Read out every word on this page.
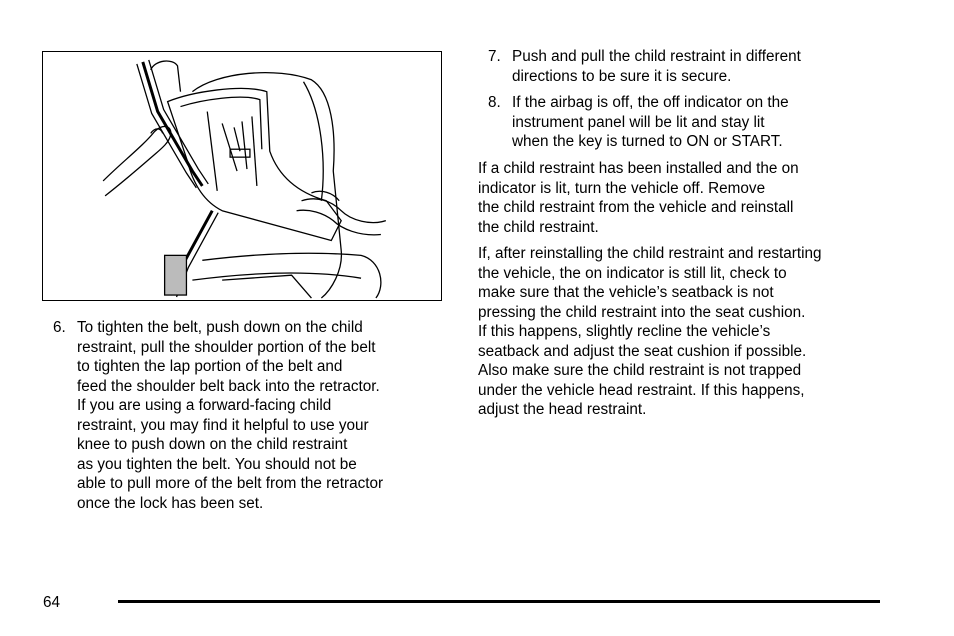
6. To tighten the belt, push down on the child
restraint, pull the shoulder portion of the belt
to tighten the lap portion of the belt and
feed the shoulder belt back into the retractor.
If you are using a forward-facing child
restraint, you may find it helpful to use your
knee to push down on the child restraint
as you tighten the belt. You should not be
able to pull more of the belt from the retractor
once the lock has been set.
7. Push and pull the child restraint in different
directions to be sure it is secure.
8. If the airbag is off, the off indicator on the
instrument panel will be lit and stay lit
when the key is turned to ON or START.
If a child restraint has been installed and the on
indicator is lit, turn the vehicle off. Remove
the child restraint from the vehicle and reinstall
the child restraint.
If, after reinstalling the child restraint and restarting
the vehicle, the on indicator is still lit, check to
make sure that the vehicle’s seatback is not
pressing the child restraint into the seat cushion.
If this happens, slightly recline the vehicle’s
seatback and adjust the seat cushion if possible.
Also make sure the child restraint is not trapped
under the vehicle head restraint. If this happens,
adjust the head restraint.
64
